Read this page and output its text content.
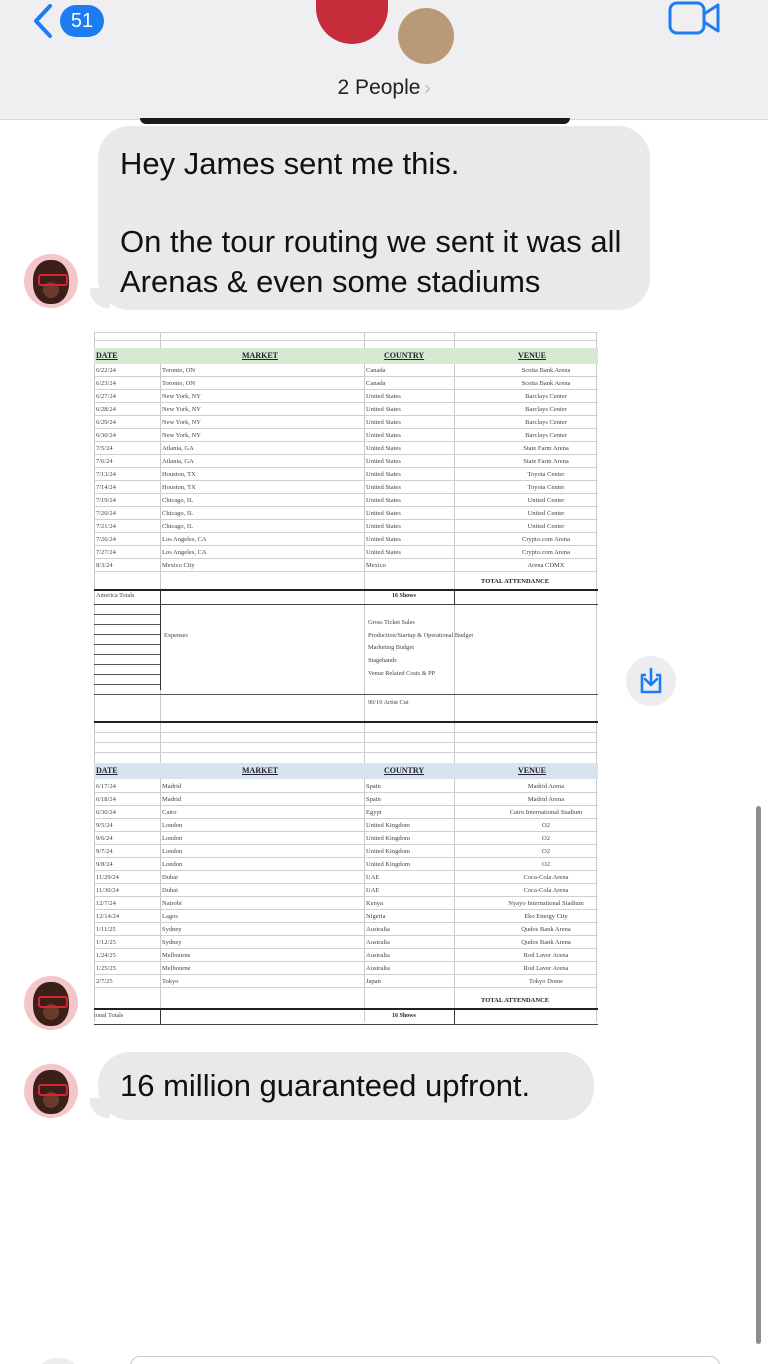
51
2 People ›

Hey James sent me this.

On the tour routing we sent it was all Arenas & even some stadiums

DATE	MARKET	COUNTRY	VENUE
6/22/24	Toronto, ON	Canada	Scotia Bank Arena
6/23/24	Toronto, ON	Canada	Scotia Bank Arena
6/27/24	New York, NY	United States	Barclays Center
6/28/24	New York, NY	United States	Barclays Center
6/29/24	New York, NY	United States	Barclays Center
6/30/24	New York, NY	United States	Barclays Center
7/5/24	Atlanta, GA	United States	State Farm Arena
7/6/24	Atlanta, GA	United States	State Farm Arena
7/13/24	Houston, TX	United States	Toyota Center
7/14/24	Houston, TX	United States	Toyota Center
7/19/24	Chicago, IL	United States	United Center
7/20/24	Chicago, IL	United States	United Center
7/21/24	Chicago, IL	United States	United Center
7/26/24	Los Angeles, CA	United States	Crypto.com Arena
7/27/24	Los Angeles, CA	United States	Crypto.com Arena
8/3/24	Mexico City	Mexico	Arena CDMX
TOTAL ATTENDANCE
America Totals	16 Shows
Expenses
Gross Ticket Sales
Production/Startup & Operational Budget
Marketing Budget
Stagehands
Venue Related Costs & PP
90/10 Artist Cut
DATE	MARKET	COUNTRY	VENUE
6/17/24	Madrid	Spain	Madrid Arena
6/18/24	Madrid	Spain	Madrid Arena
6/30/24	Cairo	Egypt	Cairo International Stadium
9/5/24	London	United Kingdom	O2
9/6/24	London	United Kingdom	O2
9/7/24	London	United Kingdom	O2
9/8/24	London	United Kingdom	O2
11/29/24	Dubai	UAE	Coca-Cola Arena
11/30/24	Dubai	UAE	Coca-Cola Arena
12/7/24	Nairobi	Kenya	Nyayo International Stadium
12/14/24	Lagos	Nigeria	Eko Energy City
1/11/25	Sydney	Australia	Qudos Bank Arena
1/12/25	Sydney	Australia	Qudos Bank Arena
1/24/25	Melbourne	Australia	Rod Laver Arena
1/25/25	Melbourne	Australia	Rod Laver Arena
2/7/25	Tokyo	Japan	Tokyo Dome
TOTAL ATTENDANCE
ional Totals	16 Shows

16 million guaranteed upfront.
